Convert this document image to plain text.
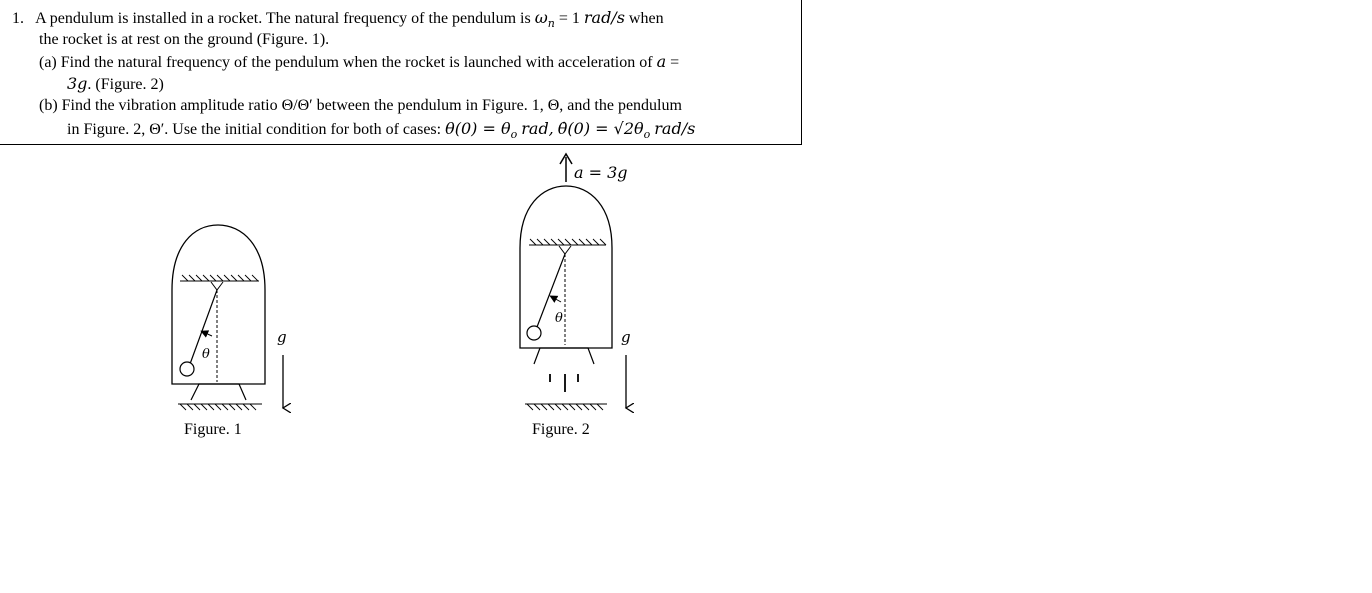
1. A pendulum is installed in a rocket. The natural frequency of the pendulum is $\omega_n = 1$ rad/s when
the rocket is at rest on the ground (Figure. 1).
(a) Find the natural frequency of the pendulum when the rocket is launched with acceleration of a =
3g. (Figure. 2)
(b) Find the vibration amplitude ratio Θ/Θ′ between the pendulum in Figure. 1, Θ, and the pendulum
in Figure. 2, Θ′. Use the initial condition for both of cases: $\theta(0) = \theta_o$ rad, θ̇(0) = $√2\theta_o$ rad/s
g
θ
a = 3g
θ
g
Figure. 1	Figure. 2
